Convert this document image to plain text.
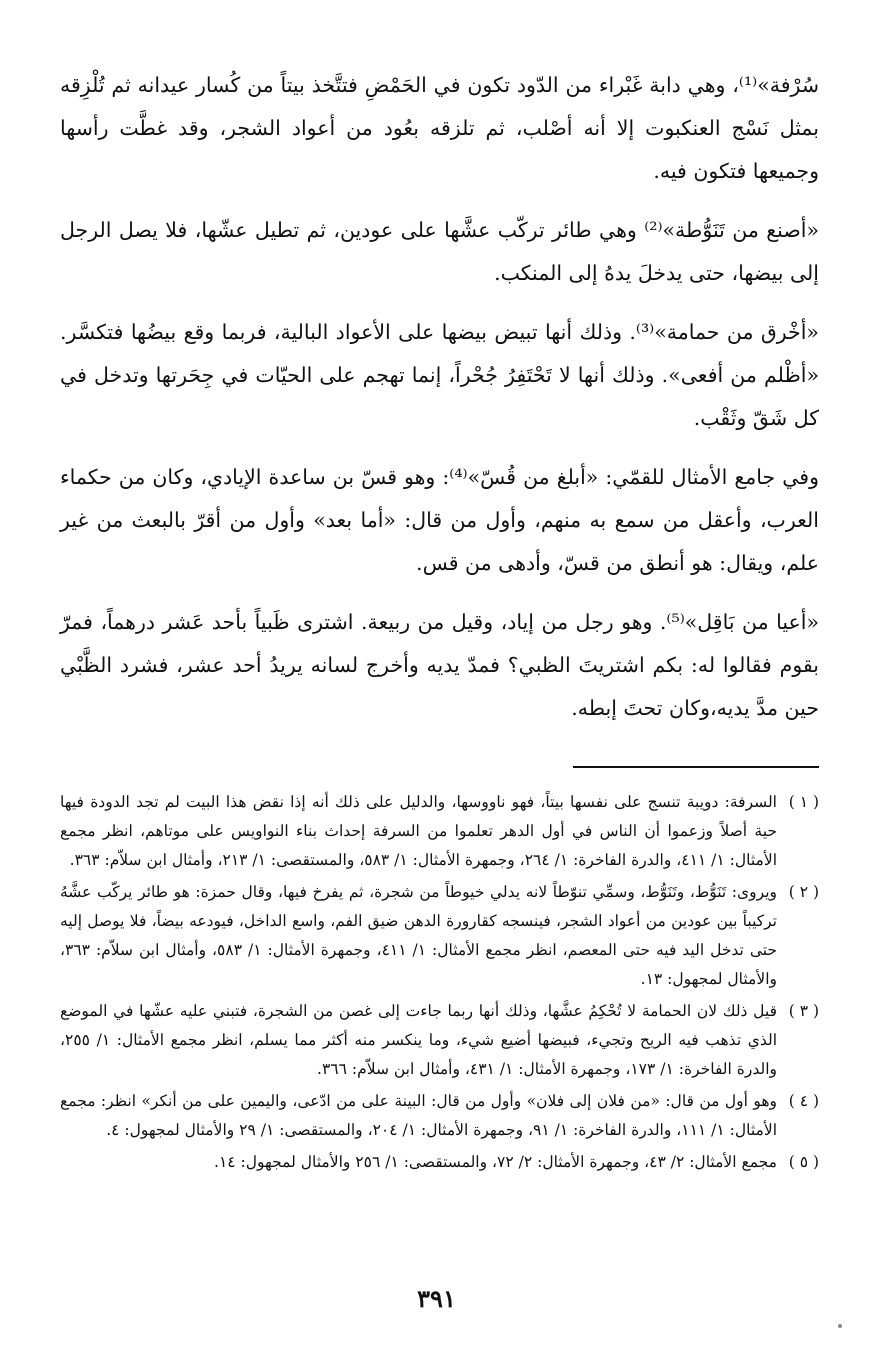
سُرْفة»⁽¹⁾، وهي دابة غَبْراء من الدّود تكون في الحَمْضِ فتتَّخذ بيتاً من كُسار عيدانه ثم تُلْزِقه بمثل نَسْج العنكبوت إلا أنه أصْلب، ثم تلزقه بعُود من أعواد الشجر، وقد غطَّت رأسها وجميعها فتكون فيه.

«أصنع من تَنَوُّطة»⁽²⁾ وهي طائر تركّب عشَّها على عودين، ثم تطيل عشّها، فلا يصل الرجل إلى بيضها، حتى يدخلَ يدهُ إلى المنكب.

«أخْرق من حمامة»⁽³⁾. وذلك أنها تبيض بيضها على الأعواد البالية، فربما وقع بيضُها فتكسَّر. «أظْلم من أفعى». وذلك أنها لا تَحْتَفِرُ جُحْراً، إنما تهجم على الحيّات في جِحَرتها وتدخل في كل شَقّ وثَقْب.

وفي جامع الأمثال للقمّي: «أبلغ من قُسّ»⁽⁴⁾: وهو قسّ بن ساعدة الإيادي، وكان من حكماء العرب، وأعقل من سمع به منهم، وأول من قال: «أما بعد» وأول من أقرّ بالبعث من غير علم، ويقال: هو أنطق من قسّ، وأدهى من قس.

«أعيا من بَاقِل»⁽⁵⁾. وهو رجل من إياد، وقيل من ربيعة. اشترى ظَبياً بأحد عَشر درهماً، فمرّ بقوم فقالوا له: بكم اشتريتَ الظبي؟ فمدّ يديه وأخرج لسانه يريدُ أحد عشر، فشرد الظَّبْي حين مدَّ يديه،وكان تحتَ إبطه.

( ١ )
السرفة: دويبة تنسج على نفسها بيتاً، فهو ناووسها، والدليل على ذلك أنه إذا نقض هذا البيت لم تجد الدودة فيها حية أصلاً وزعموا أن الناس في أول الدهر تعلموا من السرفة إحداث بناء النواويس على موتاهم، انظر مجمع الأمثال: ١/ ٤١١، والدرة الفاخرة: ١/ ٢٦٤، وجمهرة الأمثال: ١/ ٥٨٣، والمستقصى: ١/ ٢١٣، وأمثال ابن سلاّم: ٣٦٣.
( ٢ )
ويروى: تَنَوُّط، وتَنَوُّط، وسمِّي تنوّطاً لانه يدلي خيوطاً من شجرة، ثم يفرخ فيها، وقال حمزة: هو طائر يركّب عشَّهُ تركيباً بين عودين من أعواد الشجر، فينسجه كقارورة الدهن ضيق الفم، واسع الداخل، فيودعه بيضاً، فلا يوصل إليه حتى تدخل اليد فيه حتى المعصم، انظر مجمع الأمثال: ١/ ٤١١، وجمهرة الأمثال: ١/ ٥٨٣، وأمثال ابن سلاّم: ٣٦٣، والأمثال لمجهول: ١٣.
( ٣ )
قيل ذلك لان الحمامة لا تُحْكِمُ عشَّها، وذلك أنها ربما جاءت إلى غصن من الشجرة، فتبني عليه عشّها في الموضع الذي تذهب فيه الريح وتجيء، فبيضها أضيع شيء، وما ينكسر منه أكثر مما يسلم، انظر مجمع الأمثال: ١/ ٢٥٥، والدرة الفاخرة: ١/ ١٧٣، وجمهرة الأمثال: ١/ ٤٣١، وأمثال ابن سلاّم: ٣٦٦.
( ٤ )
وهو أول من قال: «من فلان إلى فلان» وأول من قال: البينة على من ادّعى، واليمين على من أنكر» انظر: مجمع الأمثال: ١/ ١١١، والدرة الفاخرة: ١/ ٩١، وجمهرة الأمثال: ١/ ٢٠٤، والمستقصى: ١/ ٢٩ والأمثال لمجهول: ٤.
( ٥ )
مجمع الأمثال: ٢/ ٤٣، وجمهرة الأمثال: ٢/ ٧٢، والمستقصى: ١/ ٢٥٦ والأمثال لمجهول: ١٤.
٣٩١
